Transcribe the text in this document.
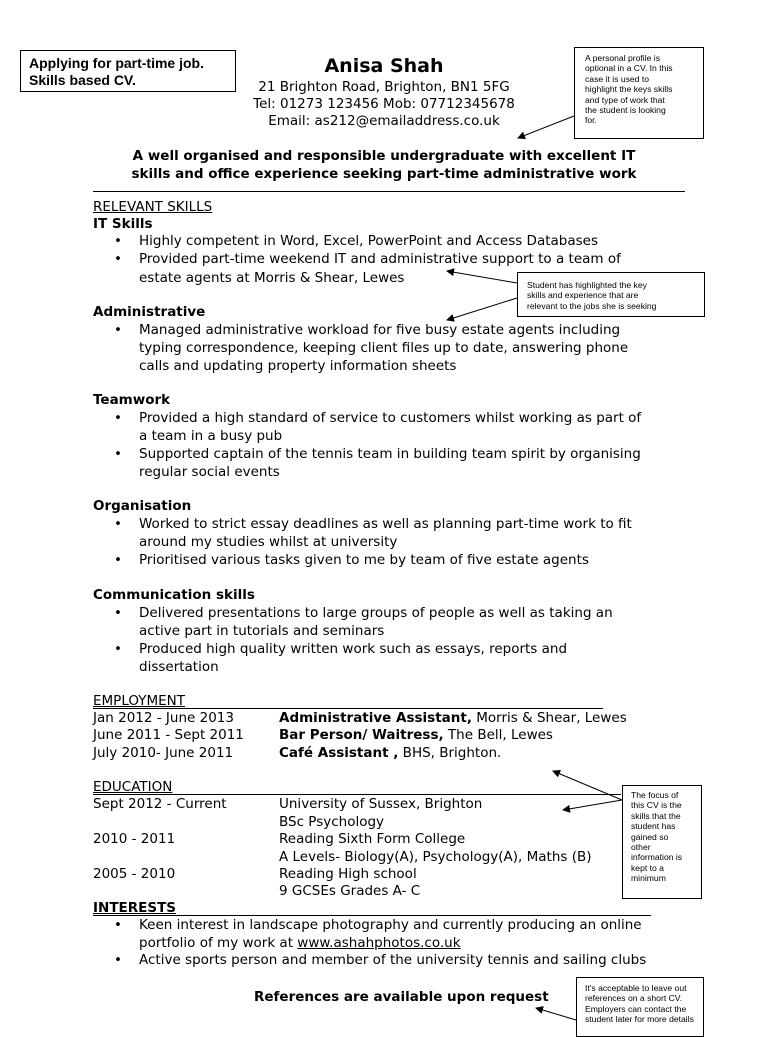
Applying for part-time job.
Skills based CV.
Anisa Shah
21 Brighton Road, Brighton, BN1 5FG
Tel: 01273 123456 Mob: 07712345678
Email: as212@emailaddress.co.uk
A personal profile is
optional in a CV. In this
case it is used to
highlight the keys skills
and type of work that
the student is looking
for.
A well organised and responsible undergraduate with excellent IT
skills and office experience seeking part-time administrative work
RELEVANT SKILLS
IT Skills
• Highly competent in Word, Excel, PowerPoint and Access Databases
• Provided part-time weekend IT and administrative support to a team of
estate agents at Morris & Shear, Lewes	Student has highlighted the key
skills and experience that are
relevant to the jobs she is seeking
Administrative
• Managed administrative workload for five busy estate agents including
typing correspondence, keeping client files up to date, answering phone
calls and updating property information sheets
Teamwork
• Provided a high standard of service to customers whilst working as part of
a team in a busy pub
• Supported captain of the tennis team in building team spirit by organising
regular social events
Organisation
• Worked to strict essay deadlines as well as planning part-time work to fit
around my studies whilst at university
• Prioritised various tasks given to me by team of five estate agents
Communication skills
• Delivered presentations to large groups of people as well as taking an
active part in tutorials and seminars
• Produced high quality written work such as essays, reports and
dissertation
EMPLOYMENT
Jan 2012 - June 2013	Administrative Assistant, Morris & Shear, Lewes
June 2011 - Sept 2011	Bar Person/ Waitress, The Bell, Lewes
July 2010- June 2011	Café Assistant , BHS, Brighton.
EDUCATION
Sept 2012 - Current	University of Sussex, Brighton
BSc Psychology
2010 - 2011	Reading Sixth Form College
A Levels- Biology(A), Psychology(A), Maths (B)
2005 - 2010	Reading High school
9 GCSEs Grades A- C
The focus of
this CV is the
skills that the
student has
gained so
other
information is
kept to a
minimum
INTERESTS
• Keen interest in landscape photography and currently producing an online
portfolio of my work at www.ashahphotos.co.uk
• Active sports person and member of the university tennis and sailing clubs
References are available upon request
It's acceptable to leave out
references on a short CV.
Employers can contact the
student later for more details
